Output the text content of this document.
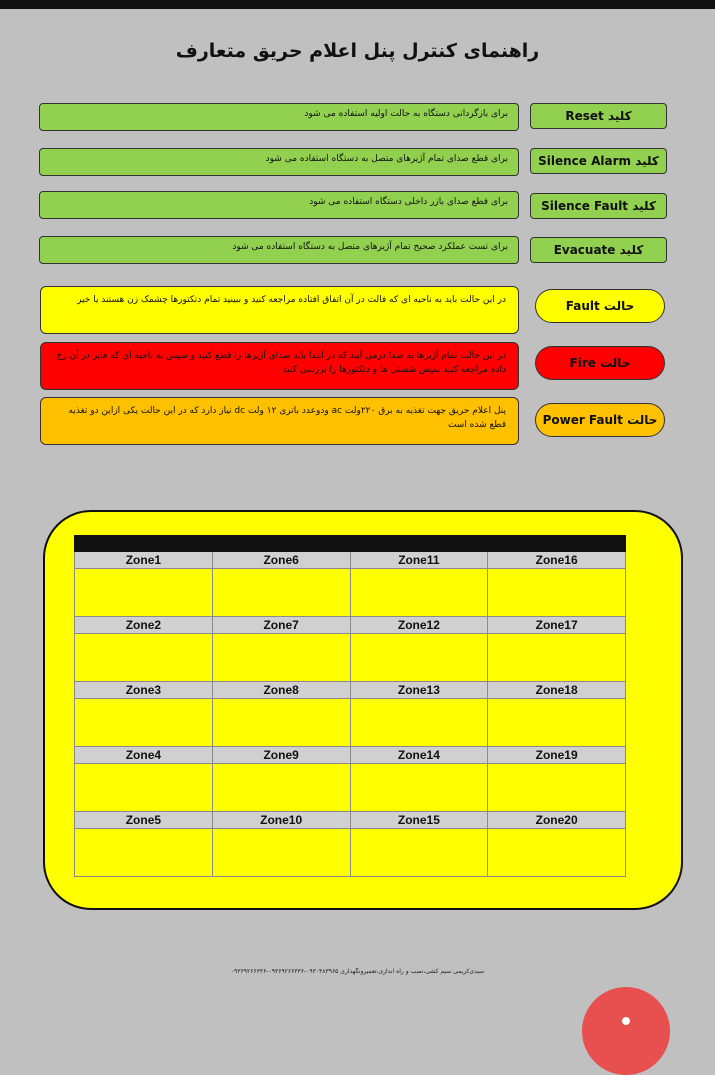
راهنمای کنترل پنل اعلام حریق متعارف
برای بازگردانی دستگاه به حالت اولیه استفاده می شود	کلید Reset
برای قطع صدای تمام آژیرهای متصل به دستگاه استفاده می شود	کلید Silence Alarm
برای قطع صدای بازر داخلی دستگاه استفاده می شود	کلید Silence Fault
برای تست عملکرد صحیح تمام آژیرهای متصل به دستگاه استفاده می شود	کلید Evacuate
در این حالت باید به ناحیه ای که فالت در آن اتفاق افتاده مراجعه کنید و ببینید تمام دتکتورها چشمک زن هستند یا خیر	حالت Fault
در این حالت تمام آژیرها به صدا درمی آیند که در ابتدا باید صدای آژیرها را قطع کنید و سپس به ناحیه ای که فایر در آن رخ داده مراجعه کنید سپس شستی ها و دتکتورها را بررسی کنید	حالت Fire
پنل اعلام حریق جهت تغذیه به برق ۲۲۰ولت ac ودوعدد باتری ۱۲ ولت dc نیاز دارد که در این حالت یکی ازاین دو تغذیه قطع شده است	حالت Power Fault

Zone1	Zone6	Zone11	Zone16

Zone2	Zone7	Zone12	Zone17

Zone3	Zone8	Zone13	Zone18

Zone4	Zone9	Zone14	Zone19

Zone5	Zone10	Zone15	Zone20

سیدی‌کریمی سیم کشی،نصب و راه اندازی،تعمیرونگهداری ۰۹۳۰۴۸۳۹۶۵-۰۹۳۶۹۲۶۶۳۳۶-۰۹۳۶۹۲۶۶۳۳۶
